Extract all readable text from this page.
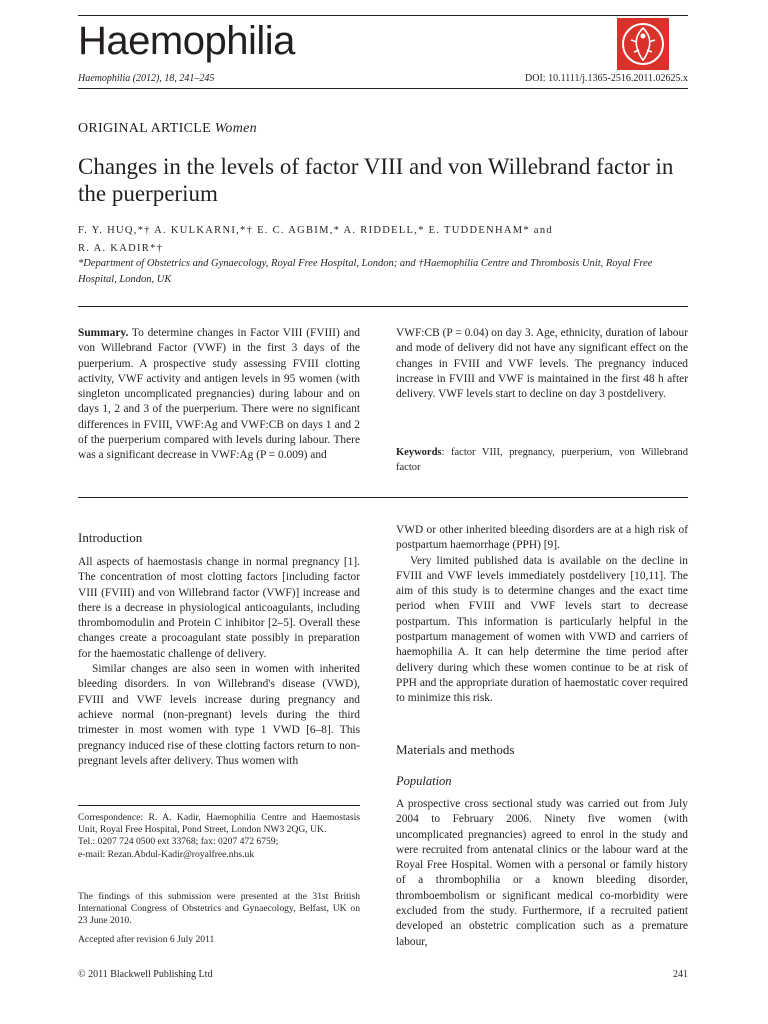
Haemophilia
Haemophilia (2012), 18, 241–245	DOI: 10.1111/j.1365-2516.2011.02625.x
ORIGINAL ARTICLE Women
Changes in the levels of factor VIII and von Willebrand factor in the puerperium
F. Y. HUQ,*† A. KULKARNI,*† E. C. AGBIM,* A. RIDDELL,* E. TUDDENHAM* and
R. A. KADIR*†
*Department of Obstetrics and Gynaecology, Royal Free Hospital, London; and †Haemophilia Centre and Thrombosis Unit, Royal Free Hospital, London, UK
Summary. To determine changes in Factor VIII (FVIII) and von Willebrand Factor (VWF) in the first 3 days of the puerperium. A prospective study assessing FVIII clotting activity, VWF activity and antigen levels in 95 women (with singleton uncomplicated pregnancies) during labour and on days 1, 2 and 3 of the puerperium. There were no significant differences in FVIII, VWF:Ag and VWF:CB on days 1 and 2 of the puerperium compared with levels during labour. There was a significant decrease in VWF:Ag (P = 0.009) and
VWF:CB (P = 0.04) on day 3. Age, ethnicity, duration of labour and mode of delivery did not have any significant effect on the changes in FVIII and VWF levels. The pregnancy induced increase in FVIII and VWF is maintained in the first 48 h after delivery. VWF levels start to decline on day 3 postdelivery.
Keywords: factor VIII, pregnancy, puerperium, von Willebrand factor
Introduction

All aspects of haemostasis change in normal pregnancy [1]. The concentration of most clotting factors [including factor VIII (FVIII) and von Willebrand factor (VWF)] increase and there is a decrease in physiological anticoagulants, including thrombomodulin and Protein C inhibitor [2–5]. Overall these changes create a procoagulant state possibly in preparation for the haemostatic challenge of delivery.

Similar changes are also seen in women with inherited bleeding disorders. In von Willebrand's disease (VWD), FVIII and VWF levels increase during pregnancy and achieve normal (non-pregnant) levels during the third trimester in most women with type 1 VWD [6–8]. This pregnancy induced rise of these clotting factors return to non-pregnant levels after delivery. Thus women with

Correspondence: R. A. Kadir, Haemophilia Centre and Haemostasis Unit, Royal Free Hospital, Pond Street, London NW3 2QG, UK.

Tel.: 0207 724 0500 ext 33768; fax: 0207 472 6759;

e-mail: Rezan.Abdul-Kadir@royalfree.nhs.uk

The findings of this submission were presented at the 31st British International Congress of Obstetrics and Gynaecology, Belfast, UK on 23 June 2010.
Accepted after revision 6 July 2011

VWD or other inherited bleeding disorders are at a high risk of postpartum haemorrhage (PPH) [9].

Very limited published data is available on the decline in FVIII and VWF levels immediately postdelivery [10,11]. The aim of this study is to determine changes and the exact time period when FVIII and VWF levels start to decrease postpartum. This information is particularly helpful in the postpartum management of women with VWD and carriers of haemophilia A. It can help determine the time period after delivery during which these women continue to be at risk of PPH and the appropriate duration of haemostatic cover required to minimize this risk.

Materials and methods
Population
A prospective cross sectional study was carried out from July 2004 to February 2006. Ninety five women (with uncomplicated pregnancies) agreed to enrol in the study and were recruited from antenatal clinics or the labour ward at the Royal Free Hospital. Women with a personal or family history of a thrombophilia or a known bleeding disorder, thromboembolism or significant medical co-morbidity were excluded from the study. Furthermore, if a recruited patient developed an obstetric complication such as a premature labour,
© 2011 Blackwell Publishing Ltd	241
